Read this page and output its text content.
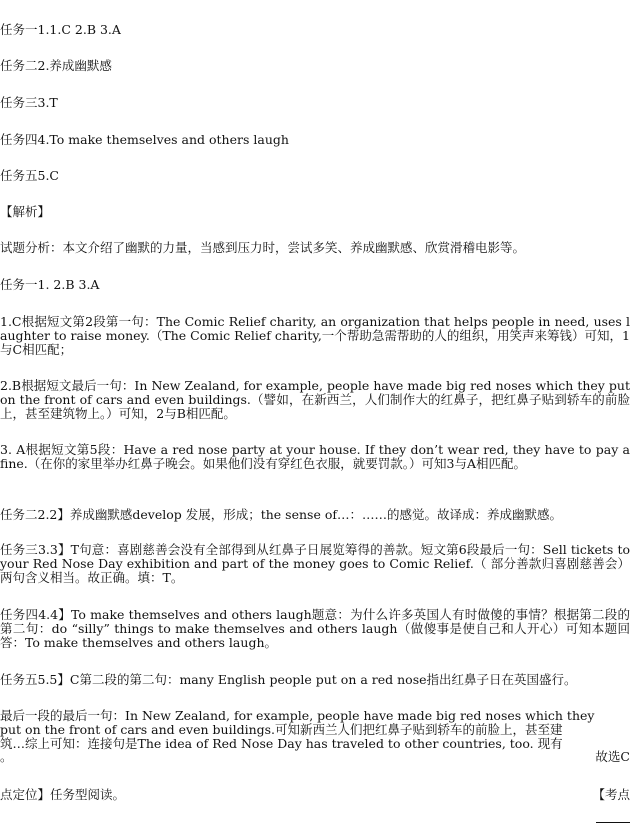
任务一1.1.C 2.B 3.A
任务二2.养成幽默感
任务三3.T
任务四4.To make themselves and others laugh
任务五5.C
【解析】
试题分析：本文介绍了幽默的力量，当感到压力时，尝试多笑、养成幽默感、欣赏滑稽电影等。
任务一1. 2.B 3.A
1.C根据短文第2段第一句：The Comic Relief charity, an organization that helps people in need, uses laughter to raise money.（The Comic Relief charity,一个帮助急需帮助的人的组织，用笑声来筹钱）可知，1与C相匹配；
2.B根据短文最后一句：In New Zealand, for example, people have made big red noses which they put on the front of cars and even buildings.（譬如，在新西兰，人们制作大的红鼻子，把红鼻子贴到轿车的前脸上，甚至建筑物上。）可知，2与B相匹配。
3. A根据短文第5段：Have a red nose party at your house. If they don’t wear red, they have to pay a fine.（在你的家里举办红鼻子晚会。如果他们没有穿红色衣服，就要罚款。）可知3与A相匹配。
任务二2.2】养成幽默感develop 发展，形成；the sense of…：……的感觉。故译成：养成幽默感。
任务三3.3】T句意：喜剧慈善会没有全部得到从红鼻子日展览筹得的善款。短文第6段最后一句：Sell tickets to your Red Nose Day exhibition and part of the money goes to Comic Relief.（ 部分善款归喜剧慈善会）两句含义相当。故正确。填：T。
任务四4.4】To make themselves and others laugh题意：为什么许多英国人有时做傻的事情？根据第二段的第二句：do “silly” things to make themselves and others laugh（做傻事是使自己和人开心）可知本题回答：To make themselves and others laugh。
任务五5.5】C第二段的第二句：many English people put on a red nose指出红鼻子日在英国盛行。
最后一段的最后一句：In New Zealand, for example, people have made big red noses which they
put on the front of cars and even buildings.可知新西兰人们把红鼻子贴到轿车的前脸上，甚至建
筑…综上可知：连接句是The idea of Red Nose Day has traveled to other countries, too. 现有
。	故选C
点定位】任务型阅读。	【考点
